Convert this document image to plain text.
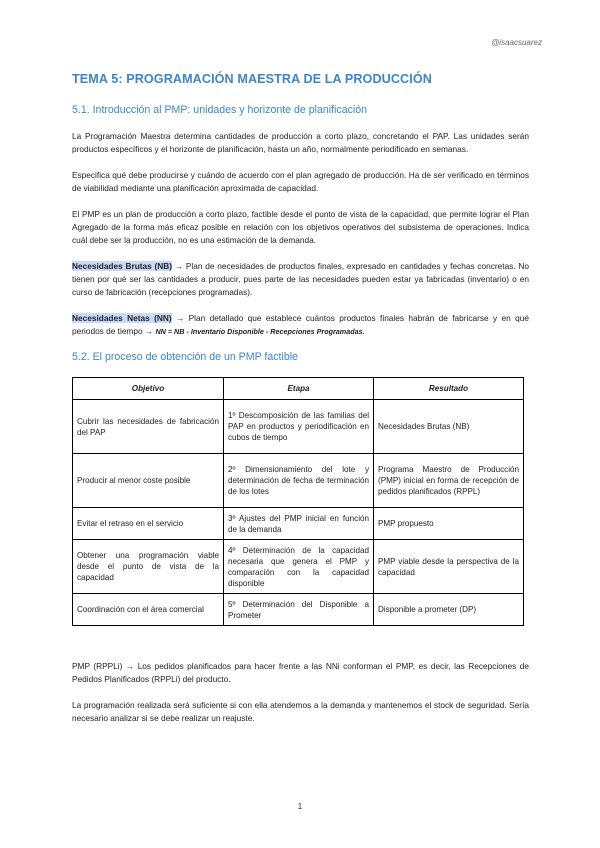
@isaacsuarez
TEMA 5: PROGRAMACIÓN MAESTRA DE LA PRODUCCIÓN
5.1. Introducción al PMP: unidades y horizonte de planificación

La Programación Maestra determina cantidades de producción a corto plazo, concretando el PAP. Las unidades serán productos específicos y el horizonte de planificación, hasta un año, normalmente periodificado en semanas.

Especifica qué debe producirse y cuándo de acuerdo con el plan agregado de producción. Ha de ser verificado en términos de viabilidad mediante una planificación aproximada de capacidad.

El PMP es un plan de producción a corto plazo, factible desde el punto de vista de la capacidad, que permite lograr el Plan Agregado de la forma más eficaz posible en relación con los objetivos operativos del subsistema de operaciones. Indica cuál debe ser la producción, no es una estimación de la demanda.

Necesidades Brutas (NB) → Plan de necesidades de productos finales, expresado en cantidades y fechas concretas. No tienen por qué ser las cantidades a producir, pues parte de las necesidades pueden estar ya fabricadas (inventario) o en curso de fabricación (recepciones programadas).

Necesidades Netas (NN) → Plan detallado que establece cuántos productos finales habrán de fabricarse y en qué periodos de tiempo → NN = NB - Inventario Disponible - Recepciones Programadas.

5.2. El proceso de obtención de un PMP factible
Objetivo	Etapa	Resultado
Cubrir las necesidades de fabricación del PAP	1º Descomposición de las familias del PAP en productos y periodificación en cubos de tiempo	Necesidades Brutas (NB)
Producir al menor coste posible	2º Dimensionamiento del lote y determinación de fecha de terminación de los lotes	Programa Maestro de Producción (PMP) inicial en forma de recepción de pedidos planificados (RPPL)
Evitar el retraso en el servicio	3º Ajustes del PMP inicial en función de la demanda	PMP propuesto
Obtener una programación viable desde el punto de vista de la capacidad	4º Determinación de la capacidad necesaria que genera el PMP y comparación con la capacidad disponible	PMP viable desde la perspectiva de la capacidad
Coordinación con el área comercial	5º Determinación del Disponible a Prometer	Disponible a prometer (DP)

PMP (RPPLi) → Los pedidos planificados para hacer frente a las NNi conforman el PMP, es decir, las Recepciones de Pedidos Planificados (RPPLi) del producto.

La programación realizada será suficiente si con ella atendemos a la demanda y mantenemos el stock de seguridad. Sería necesario analizar si se debe realizar un reajuste.

1
